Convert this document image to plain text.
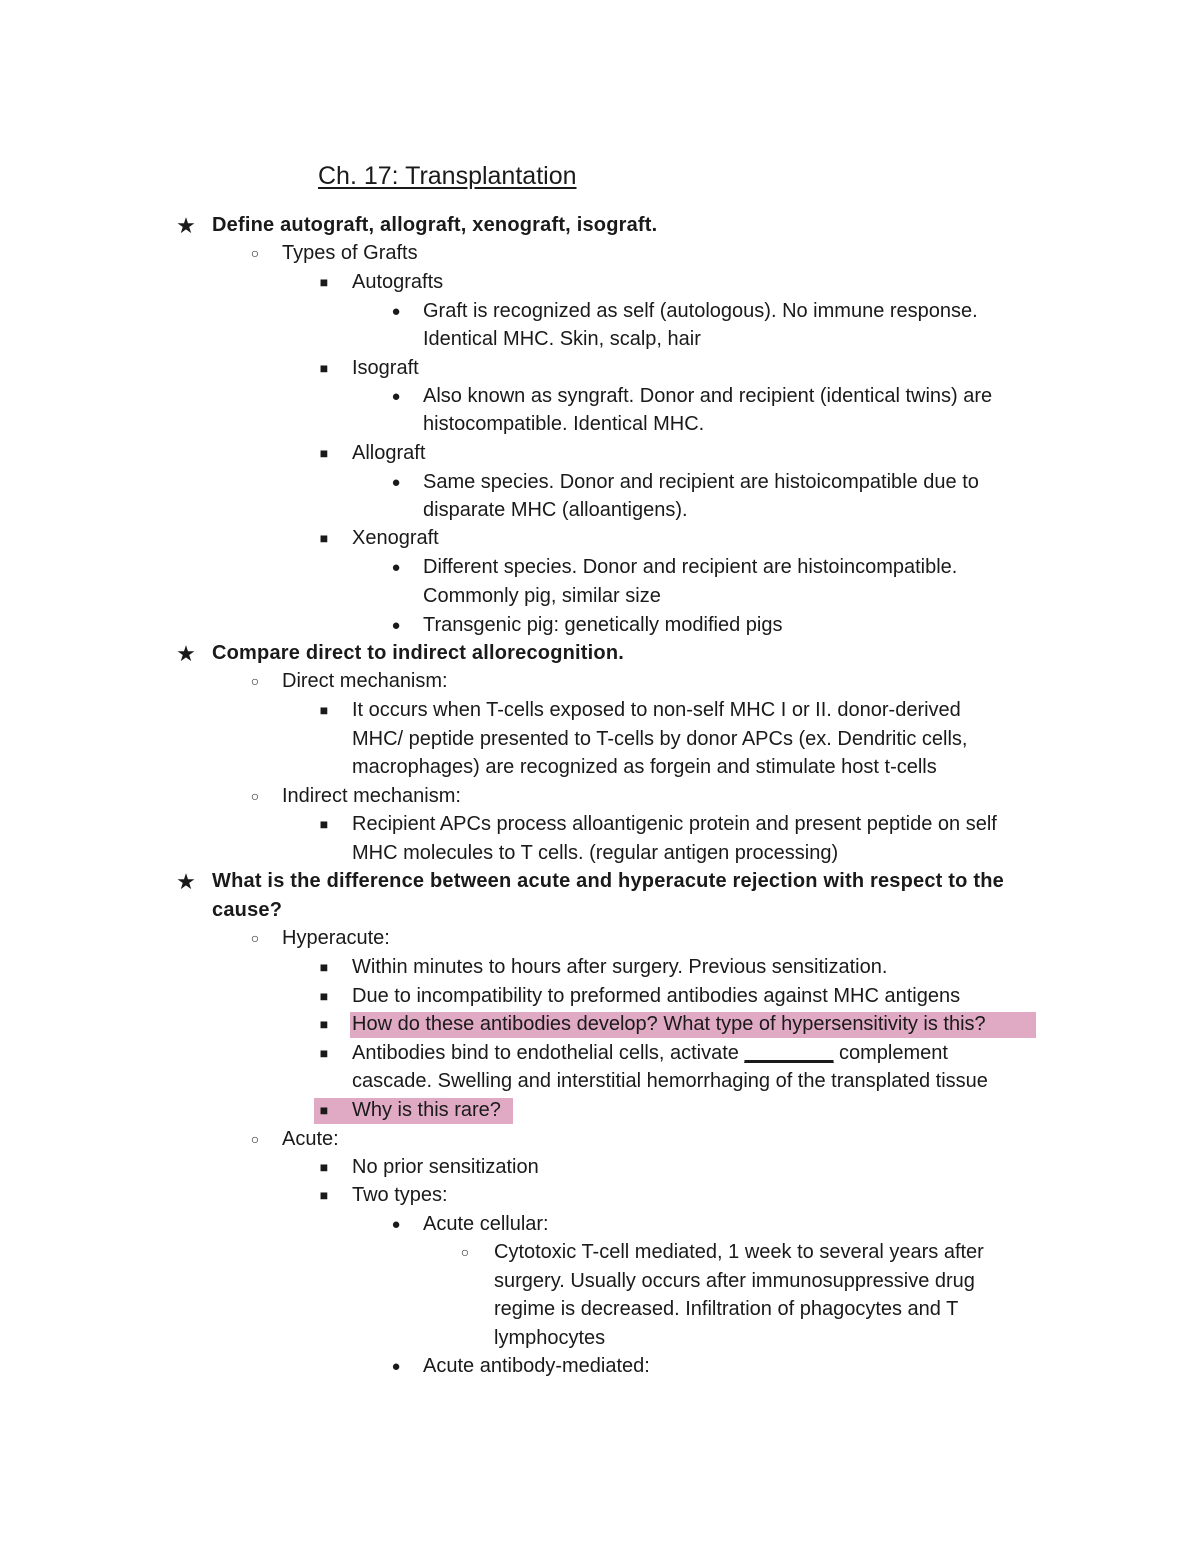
Ch. 17: Transplantation
★ Define autograft, allograft, xenograft, isograft.
○	Types of Grafts
■	Autografts
●	Graft is recognized as self (autologous). No immune response.
Identical MHC. Skin, scalp, hair
■	Isograft
●	Also known as syngraft. Donor and recipient (identical twins) are
histocompatible. Identical MHC.
■	Allograft
●	Same species. Donor and recipient are histoicompatible due to
disparate MHC (alloantigens).
■	Xenograft
●	Different species. Donor and recipient are histoincompatible.
Commonly pig, similar size
●	Transgenic pig: genetically modified pigs
★ Compare direct to indirect allorecognition.
○	Direct mechanism:
■	It occurs when T-cells exposed to non-self MHC I or II. donor-derived
MHC/ peptide presented to T-cells by donor APCs (ex. Dendritic cells,
macrophages) are recognized as forgein and stimulate host t-cells
○	Indirect mechanism:
■	Recipient APCs process alloantigenic protein and present peptide on self
MHC molecules to T cells. (regular antigen processing)
★ What is the difference between acute and hyperacute rejection with respect to the
cause?
○	Hyperacute:
■	Within minutes to hours after surgery. Previous sensitization.
■	Due to incompatibility to preformed antibodies against MHC antigens
■	How do these antibodies develop? What type of hypersensitivity is this?
■	Antibodies bind to endothelial cells, activate ________ complement
cascade. Swelling and interstitial hemorrhaging of the transplated tissue
■	Why is this rare?
○	Acute:
■	No prior sensitization
■	Two types:
●	Acute cellular:
○	Cytotoxic T-cell mediated, 1 week to several years after
surgery. Usually occurs after immunosuppressive drug
regime is decreased. Infiltration of phagocytes and T
lymphocytes
●	Acute antibody-mediated:
